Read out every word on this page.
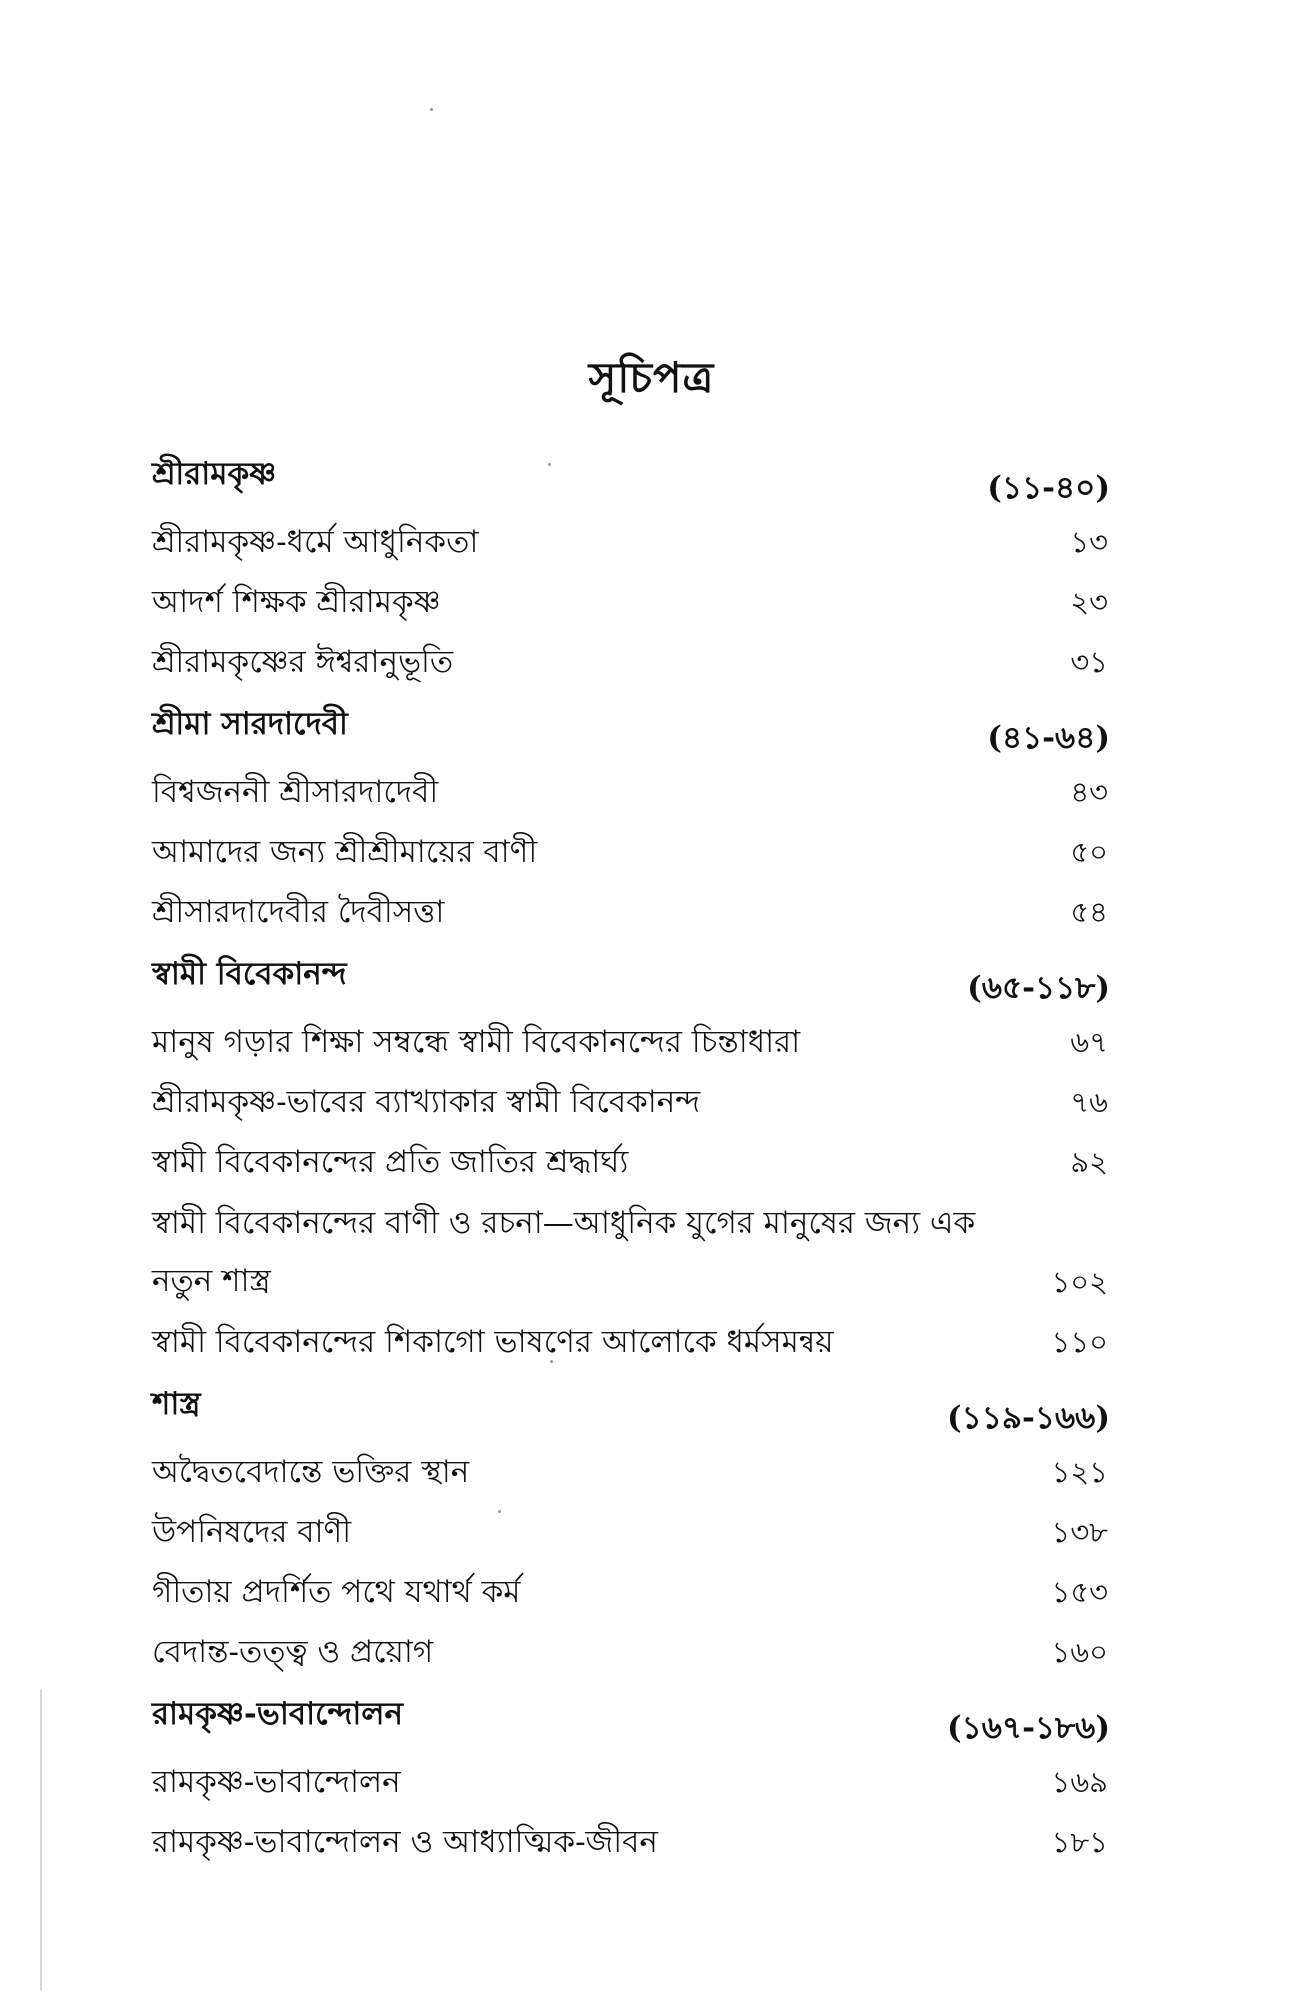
সূচিপত্র
শ্রীরামকৃষ্ণ	(১১-৪০)
শ্রীরামকৃষ্ণ-ধর্মে আধুনিকতা	১৩
আদর্শ শিক্ষক শ্রীরামকৃষ্ণ	২৩
শ্রীরামকৃষ্ণের ঈশ্বরানুভূতি	৩১
শ্রীমা সারদাদেবী	(৪১-৬৪)
বিশ্বজননী শ্রীসারদাদেবী	৪৩
আমাদের জন্য শ্রীশ্রীমায়ের বাণী	৫০
শ্রীসারদাদেবীর দৈবীসত্তা	৫৪
স্বামী বিবেকানন্দ	(৬৫-১১৮)
মানুষ গড়ার শিক্ষা সম্বন্ধে স্বামী বিবেকানন্দের চিন্তাধারা	৬৭
শ্রীরামকৃষ্ণ-ভাবের ব্যাখ্যাকার স্বামী বিবেকানন্দ	৭৬
স্বামী বিবেকানন্দের প্রতি জাতির শ্রদ্ধার্ঘ্য	৯২
স্বামী বিবেকানন্দের বাণী ও রচনা—আধুনিক যুগের মানুষের জন্য এক নতুন শাস্ত্র	১০২
স্বামী বিবেকানন্দের শিকাগো ভাষণের আলোকে ধর্মসমন্বয়	১১০
শাস্ত্র	(১১৯-১৬৬)
অদ্বৈতবেদান্তে ভক্তির স্থান	১২১
উপনিষদের বাণী	১৩৮
গীতায় প্রদর্শিত পথে যথার্থ কর্ম	১৫৩
বেদান্ত-তত্ত্ব ও প্রয়োগ	১৬০
রামকৃষ্ণ-ভাবান্দোলন	(১৬৭-১৮৬)
রামকৃষ্ণ-ভাবান্দোলন	১৬৯
রামকৃষ্ণ-ভাবান্দোলন ও আধ্যাত্মিক-জীবন	১৮১
